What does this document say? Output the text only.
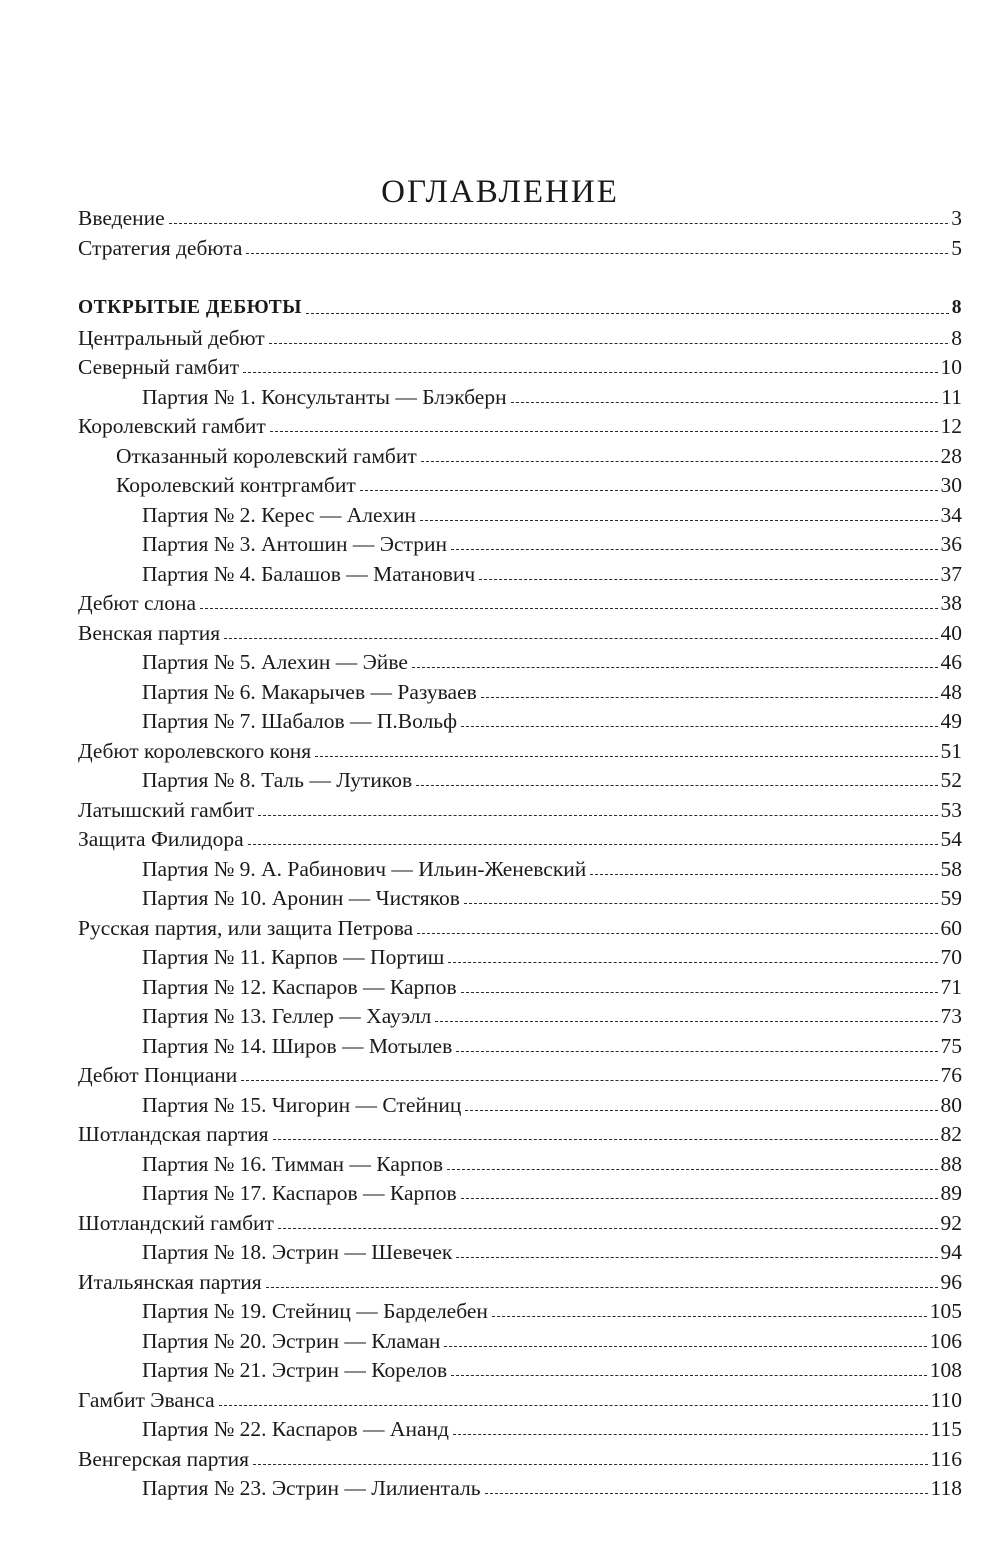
ОГЛАВЛЕНИЕ
Введение	3
Стратегия дебюта	5
ОТКРЫТЫЕ ДЕБЮТЫ	8
Центральный дебют	8
Северный гамбит	10
Партия № 1. Консультанты — Блэкберн	11
Королевский гамбит	12
Отказанный королевский гамбит	28
Королевский контргамбит	30
Партия № 2. Керес — Алехин	34
Партия № 3. Антошин — Эстрин	36
Партия № 4. Балашов — Матанович	37
Дебют слона	38
Венская партия	40
Партия № 5. Алехин — Эйве	46
Партия № 6. Макарычев — Разуваев	48
Партия № 7. Шабалов — П.Вольф	49
Дебют королевского коня	51
Партия № 8. Таль — Лутиков	52
Латышский гамбит	53
Защита Филидора	54
Партия № 9. А. Рабинович — Ильин-Женевский	58
Партия № 10. Аронин — Чистяков	59
Русская партия, или защита Петрова	60
Партия № 11. Карпов — Портиш	70
Партия № 12. Каспаров — Карпов	71
Партия № 13. Геллер — Хауэлл	73
Партия № 14. Широв — Мотылев	75
Дебют Понциани	76
Партия № 15. Чигорин — Стейниц	80
Шотландская партия	82
Партия № 16. Тимман — Карпов	88
Партия № 17. Каспаров — Карпов	89
Шотландский гамбит	92
Партия № 18. Эстрин — Шевечек	94
Итальянская партия	96
Партия № 19. Стейниц — Барделебен	105
Партия № 20. Эстрин — Кламан	106
Партия № 21. Эстрин — Корелов	108
Гамбит Эванса	110
Партия № 22. Каспаров — Ананд	115
Венгерская партия	116
Партия № 23. Эстрин — Лилиенталь	118
